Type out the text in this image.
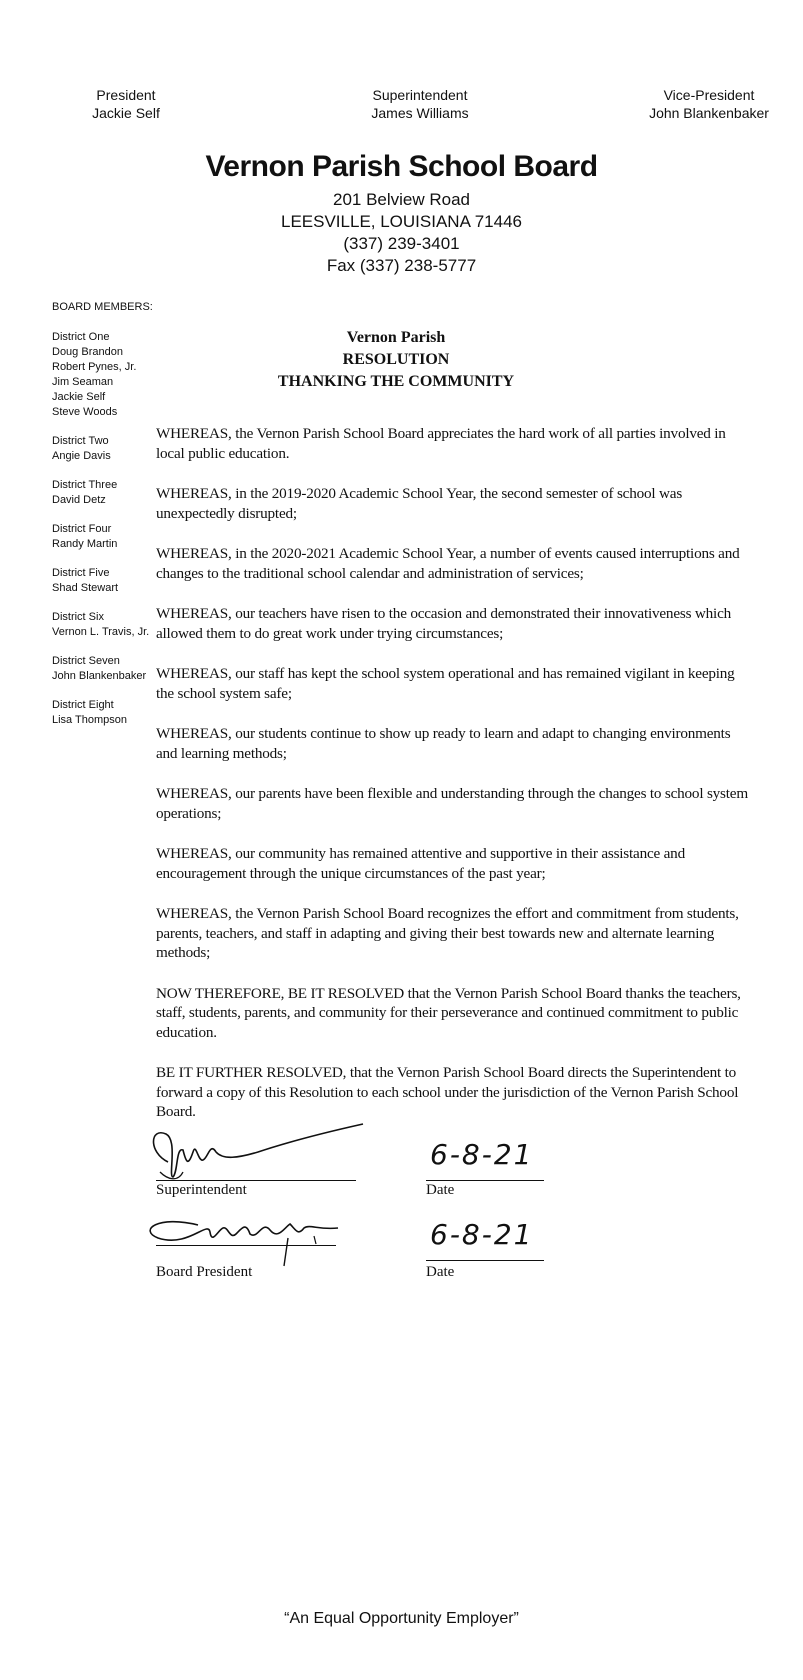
President
Jackie Self
Superintendent
James Williams
Vice-President
John Blankenbaker
Vernon Parish School Board
201 Belview Road
LEESVILLE, LOUISIANA 71446
(337) 239-3401
Fax (337) 238-5777
BOARD MEMBERS:
District One
Doug Brandon
Robert Pynes, Jr.
Jim Seaman
Jackie Self
Steve Woods
District Two
Angie Davis
District Three
David Detz
District Four
Randy Martin
District Five
Shad Stewart
District Six
Vernon L. Travis, Jr.
District Seven
John Blankenbaker
District Eight
Lisa Thompson
Vernon Parish
RESOLUTION
THANKING THE COMMUNITY

WHEREAS, the Vernon Parish School Board appreciates the hard work of all parties involved in local public education.

WHEREAS, in the 2019-2020 Academic School Year, the second semester of school was unexpectedly disrupted;

WHEREAS, in the 2020-2021 Academic School Year, a number of events caused interruptions and changes to the traditional school calendar and administration of services;

WHEREAS, our teachers have risen to the occasion and demonstrated their innovativeness which allowed them to do great work under trying circumstances;

WHEREAS, our staff has kept the school system operational and has remained vigilant in keeping the school system safe;

WHEREAS, our students continue to show up ready to learn and adapt to changing environments and learning methods;

WHEREAS, our parents have been flexible and understanding through the changes to school system operations;

WHEREAS, our community has remained attentive and supportive in their assistance and encouragement through the unique circumstances of the past year;

WHEREAS, the Vernon Parish School Board recognizes the effort and commitment from students, parents, teachers, and staff in adapting and giving their best towards new and alternate learning methods;

NOW THEREFORE, BE IT RESOLVED that the Vernon Parish School Board thanks the teachers, staff, students, parents, and community for their perseverance and continued commitment to public education.

BE IT FURTHER RESOLVED, that the Vernon Parish School Board directs the Superintendent to forward a copy of this Resolution to each school under the jurisdiction of the Vernon Parish School Board.

Superintendent
6-8-21
Date
Board President
6-8-21
Date
“An Equal Opportunity Employer”
